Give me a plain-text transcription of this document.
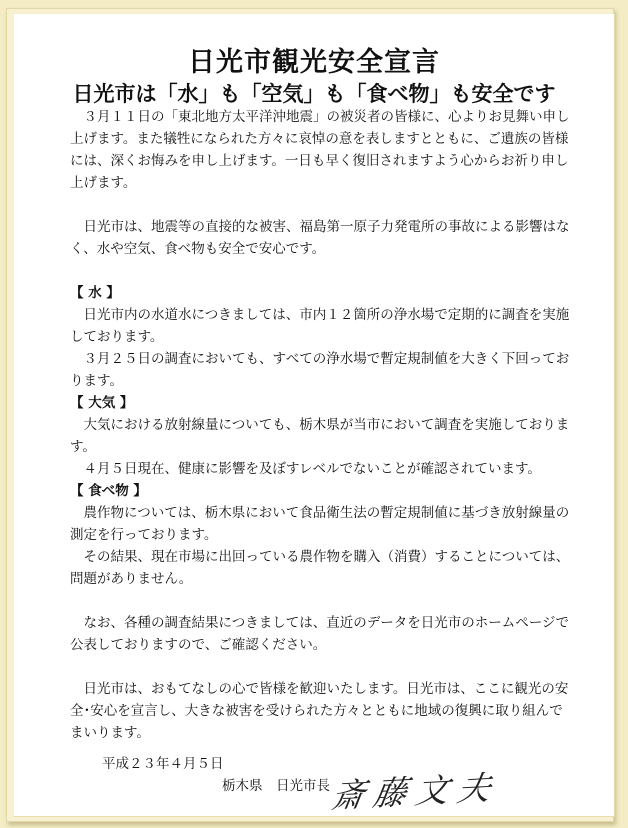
日光市観光安全宣言
日光市は「水」も「空気」も「食べ物」も安全です

３月１１日の「東北地方太平洋沖地震」の被災者の皆様に、心よりお見舞い申し上げます。また犠牲になられた方々に哀悼の意を表しますとともに、ご遺族の皆様には、深くお悔みを申し上げます。一日も早く復旧されますよう心からお祈り申し上げます。

日光市は、地震等の直接的な被害、福島第一原子力発電所の事故による影響はなく、水や空気、食べ物も安全で安心です。

【 水 】

日光市内の水道水につきましては、市内１２箇所の浄水場で定期的に調査を実施しております。

３月２５日の調査においても、すべての浄水場で暫定規制値を大きく下回っております。

【 大気 】

大気における放射線量についても、栃木県が当市において調査を実施しております。

４月５日現在、健康に影響を及ぼすレベルでないことが確認されています。

【 食べ物 】

農作物については、栃木県において食品衛生法の暫定規制値に基づき放射線量の測定を行っております。

その結果、現在市場に出回っている農作物を購入（消費）することについては、問題がありません。

なお、各種の調査結果につきましては、直近のデータを日光市のホームページで公表しておりますので、ご確認ください。

日光市は、おもてなしの心で皆様を歓迎いたします。日光市は、ここに観光の安全･安心を宣言し、大きな被害を受けられた方々とともに地域の復興に取り組んでまいります。

平成２３年４月５日
栃木県　日光市長
斎藤文夫
